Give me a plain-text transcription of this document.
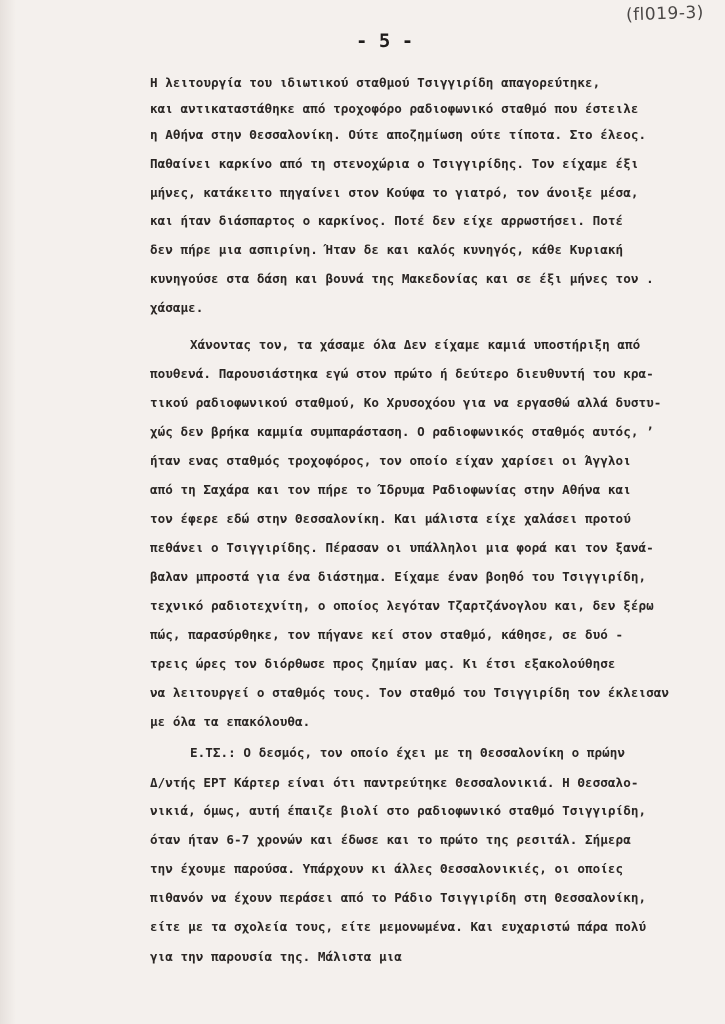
(fl019-3)
- 5 -
Η λειτουργία του ιδιωτικού σταθμού Τσιγγιρίδη απαγορεύτηκε,
και αντικαταστάθηκε από τροχοφόρο ραδιοφωνικό σταθμό που έστειλε
η Αθήνα στην Θεσσαλονίκη. Ούτε αποζημίωση ούτε τίποτα. Στο έλεος.
Παθαίνει καρκίνο από τη στενοχώρια ο Τσιγγιρίδης. Τον είχαμε έξι
μήνες, κατάκειτο πηγαίνει στον Κούφα το γιατρό, τον άνοιξε μέσα,
και ήταν διάσπαρτος ο καρκίνος. Ποτέ δεν είχε αρρωστήσει. Ποτέ
δεν πήρε μια ασπιρίνη. Ήταν δε και καλός κυνηγός, κάθε Κυριακή
κυνηγούσε στα δάση και βουνά της Μακεδονίας και σε έξι μήνες τον .
χάσαμε.
Χάνοντας τον, τα χάσαμε όλα Δεν είχαμε καμιά υποστήριξη από
πουθενά. Παρουσιάστηκα εγώ στον πρώτο ή δεύτερο διευθυντή του κρα-
τικού ραδιοφωνικού σταθμού, Κο Χρυσοχόου για να εργασθώ αλλά δυστυ-
χώς δεν βρήκα καμμία συμπαράσταση. Ο ραδιοφωνικός σταθμός αυτός, ʼ
ήταν ενας σταθμός τροχοφόρος, τον οποίο είχαν χαρίσει οι Άγγλοι
από τη Σαχάρα και τον πήρε το Ίδρυμα Ραδιοφωνίας στην Αθήνα και
τον έφερε εδώ στην Θεσσαλονίκη. Και μάλιστα είχε χαλάσει προτού
πεθάνει ο Τσιγγιρίδης. Πέρασαν οι υπάλληλοι μια φορά και τον ξανά-
βαλαν μπροστά για ένα διάστημα. Είχαμε έναν βοηθό του Τσιγγιρίδη,
τεχνικό ραδιοτεχνίτη, ο οποίος λεγόταν Τζαρτζάνογλου και, δεν ξέρω
πώς, παρασύρθηκε, τον πήγανε κεί στον σταθμό, κάθησε, σε δυό -
τρεις ώρες τον διόρθωσε προς ζημίαν μας. Κι έτσι εξακολούθησε
να λειτουργεί ο σταθμός τους. Τον σταθμό του Τσιγγιρίδη τον έκλεισαν
με όλα τα επακόλουθα.
Ε.ΤΣ.: Ο δεσμός, τον οποίο έχει με τη Θεσσαλονίκη ο πρώην
Δ/ντής ΕΡΤ Κάρτερ είναι ότι παντρεύτηκε Θεσσαλονικιά. Η Θεσσαλο-
νικιά, όμως, αυτή έπαιζε βιολί στο ραδιοφωνικό σταθμό Τσιγγιρίδη,
όταν ήταν 6-7 χρονών και έδωσε και το πρώτο της ρεσιτάλ. Σήμερα
την έχουμε παρούσα. Υπάρχουν κι άλλες Θεσσαλονικιές, οι οποίες
πιθανόν να έχουν περάσει από το Ράδιο Τσιγγιρίδη στη Θεσσαλονίκη,
είτε με τα σχολεία τους, είτε μεμονωμένα. Και ευχαριστώ πάρα πολύ
για την παρουσία της. Μάλιστα μια
